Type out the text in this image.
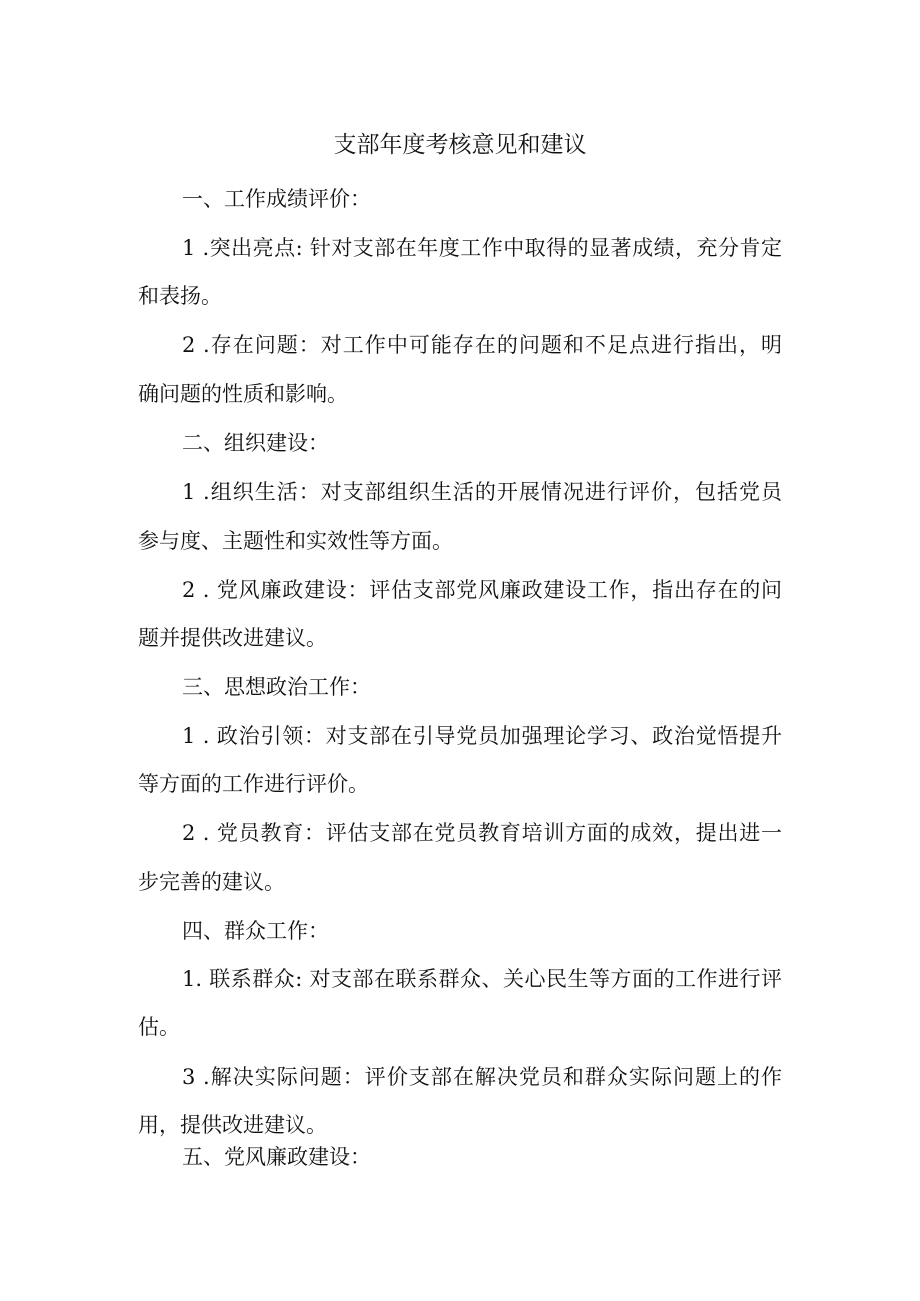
支部年度考核意见和建议
一、工作成绩评价：
1 .突出亮点: 针对支部在年度工作中取得的显著成绩，充分肯定
和表扬。
2 .存在问题：对工作中可能存在的问题和不足点进行指出，明
确问题的性质和影响。
二、组织建设：
1 .组织生活：对支部组织生活的开展情况进行评价，包括党员
参与度、主题性和实效性等方面。
2 . 党风廉政建设：评估支部党风廉政建设工作，指出存在的问
题并提供改进建议。
三、思想政治工作：
1 . 政治引领：对支部在引导党员加强理论学习、政治觉悟提升
等方面的工作进行评价。
2 . 党员教育：评估支部在党员教育培训方面的成效，提出进一
步完善的建议。
四、群众工作：
1. 联系群众: 对支部在联系群众、关心民生等方面的工作进行评
估。
3 .解决实际问题：评价支部在解决党员和群众实际问题上的作
用，提供改进建议。
五、党风廉政建设：
